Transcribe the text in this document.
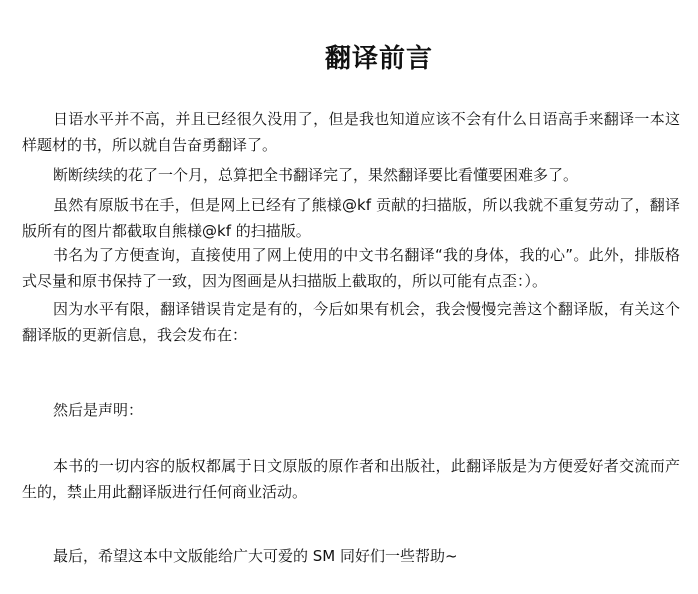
翻译前言

日语水平并不高，并且已经很久没用了，但是我也知道应该不会有什么日语高手来翻译一本这样题材的书，所以就自告奋勇翻译了。

断断续续的花了一个月，总算把全书翻译完了，果然翻译要比看懂要困难多了。

虽然有原版书在手，但是网上已经有了熊様@kf 贡献的扫描版，所以我就不重复劳动了，翻译版所有的图片都截取自熊様@kf 的扫描版。

书名为了方便查询，直接使用了网上使用的中文书名翻译“我的身体，我的心”。此外，排版格式尽量和原书保持了一致，因为图画是从扫描版上截取的，所以可能有点歪：）。

因为水平有限，翻译错误肯定是有的，今后如果有机会，我会慢慢完善这个翻译版，有关这个翻译版的更新信息，我会发布在：

然后是声明：

本书的一切内容的版权都属于日文原版的原作者和出版社，此翻译版是为方便爱好者交流而产生的，禁止用此翻译版进行任何商业活动。

最后，希望这本中文版能给广大可爱的 SM 同好们一些帮助~
